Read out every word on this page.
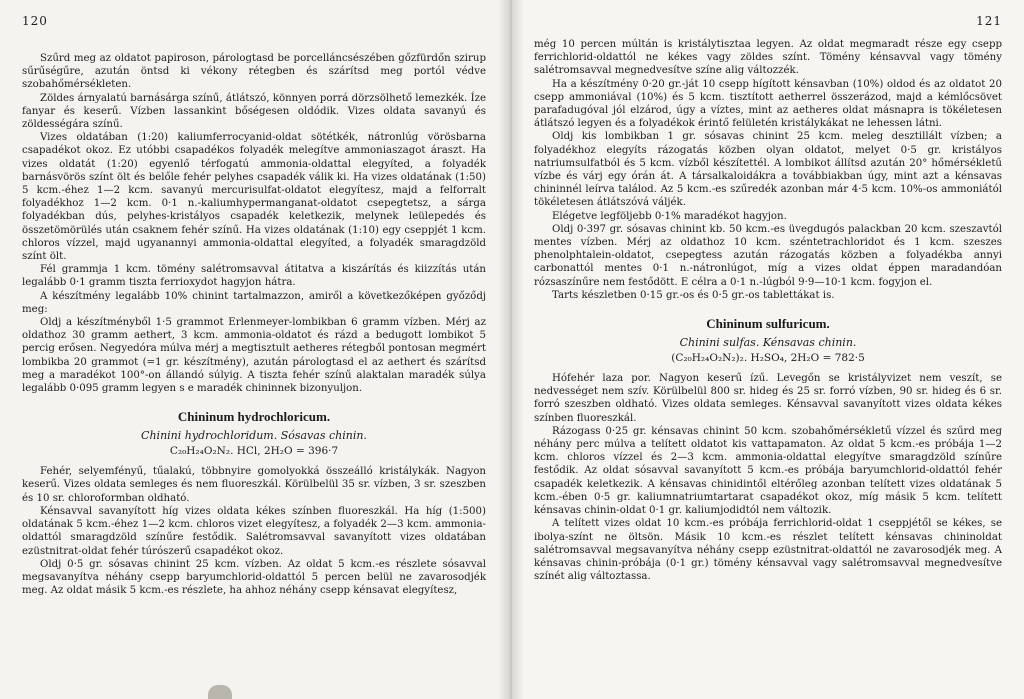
120

Szűrd meg az oldatot papiroson, párologtasd be porcelláncsészében gőzfürdőn szirup sűrűségűre, azután öntsd ki vékony rétegben és szárítsd meg portól védve szobahőmérsékleten.

Zöldes árnyalatú barnásárga színű, átlátszó, könnyen porrá dörzsölhető lemezkék. Íze fanyar és keserű. Vízben lassankint bőségesen oldódik. Vizes oldata savanyú és zöldességára színű.

Vizes oldatában (1:20) kaliumferrocyanid-oldat sötétkék, nátronlúg vörösbarna csapadékot okoz. Ez utóbbi csapadékos folyadék melegítve ammoniaszagot áraszt. Ha vizes oldatát (1:20) egyenlő térfogatú ammonia-oldattal elegyíted, a folyadék barnásvörös színt ölt és belőle fehér pelyhes csapadék válik ki. Ha vizes oldatának (1:50) 5 kcm.-éhez 1—2 kcm. savanyú mercurisulfat-oldatot elegyítesz, majd a felforralt folyadékhoz 1—2 kcm. 0·1 n.-kaliumhypermanganat-oldatot csepegtetsz, a sárga folyadékban dús, pelyhes-kristályos csapadék keletkezik, melynek leülepedés és összetömörülés után csaknem fehér színű. Ha vizes oldatának (1:10) egy cseppjét 1 kcm. chloros vízzel, majd ugyanannyi ammonia-oldattal elegyíted, a folyadék smaragdzöld színt ölt.

Fél grammja 1 kcm. tömény salétromsavval átitatva a kiszárítás és kiizzítás után legalább 0·1 gramm tiszta ferrioxydot hagyjon hátra.

A készítmény legalább 10% chinint tartalmazzon, amiről a következőképen győződj meg:

Oldj a készítményből 1·5 grammot Erlenmeyer-lombikban 6 gramm vízben. Mérj az oldathoz 30 gramm aethert, 3 kcm. ammonia-oldatot és rázd a bedugott lombikot 5 percig erősen. Negyedóra múlva mérj a megtisztult aetheres rétegből pontosan megmért lombikba 20 grammot (=1 gr. készítmény), azután párologtasd el az aethert és szárítsd meg a maradékot 100°-on állandó súlyig. A tiszta fehér színű alaktalan maradék súlya legalább 0·095 gramm legyen s e maradék chininnek bizonyuljon.

Chininum hydrochloricum.
Chinini hydrochloridum. Sósavas chinin.
C₂₀H₂₄O₂N₂. HCl, 2H₂O = 396·7

Fehér, selyemfényű, tűalakú, többnyire gomolyokká összeálló kristálykák. Nagyon keserű. Vizes oldata semleges és nem fluoreszkál. Körülbelül 35 sr. vízben, 3 sr. szeszben és 10 sr. chloroformban oldható.

Kénsavval savanyított híg vizes oldata kékes színben fluoreszkál. Ha híg (1:500) oldatának 5 kcm.-éhez 1—2 kcm. chloros vizet elegyítesz, a folyadék 2—3 kcm. ammonia-oldattól smaragdzöld színűre festődik. Salétromsavval savanyított vizes oldatában ezüstnitrat-oldat fehér túrószerű csapadékot okoz.

Oldj 0·5 gr. sósavas chinint 25 kcm. vízben. Az oldat 5 kcm.-es részlete sósavval megsavanyítva néhány csepp baryumchlorid-oldattól 5 percen belül ne zavarosodjék meg. Az oldat másik 5 kcm.-es részlete, ha ahhoz néhány csepp kénsavat elegyítesz,

121

még 10 percen múltán is kristálytisztaa legyen. Az oldat megmaradt része egy csepp ferrichlorid-oldattól ne kékes vagy zöldes színt. Tömény kénsavval vagy tömény salétromsavval megnedvesítve színe alig változzék.

Ha a készítmény 0·20 gr.-ját 10 csepp hígított kénsavban (10%) oldod és az oldatot 20 csepp ammoniával (10%) és 5 kcm. tisztított aetherrel összerázod, majd a kémlőcsövet parafadugóval jól elzárod, úgy a víztes, mint az aetheres oldat másnapra is tökéletesen átlátszó legyen és a folyadékok érintő felületén kristálykákat ne lehessen látni.

Oldj kis lombikban 1 gr. sósavas chinint 25 kcm. meleg desztillált vízben; a folyadékhoz elegyíts rázogatás közben olyan oldatot, melyet 0·5 gr. kristályos natriumsulfatból és 5 kcm. vízből készítettél. A lombikot állítsd azután 20° hőmérsékletű vízbe és várj egy órán át. A társalkaloidákra a továbbiakban úgy, mint azt a kénsavas chininnél leírva találod. Az 5 kcm.-es szűredék azonban már 4·5 kcm. 10%-os ammoniától tökéletesen átlátszóvá váljék.

Elégetve legföljebb 0·1% maradékot hagyjon.

Oldj 0·397 gr. sósavas chinint kb. 50 kcm.-es üvegdugós palackban 20 kcm. szeszavtól mentes vízben. Mérj az oldathoz 10 kcm. széntetrachloridot és 1 kcm. szeszes phenolphtalein-oldatot, csepegtess azután rázogatás közben a folyadékba annyi carbonattól mentes 0·1 n.-nátronlúgot, míg a vizes oldat éppen maradandóan rózsaszínűre nem festődött. E célra a 0·1 n.-lúgból 9·9—10·1 kcm. fogyjon el.

Tarts készletben 0·15 gr.-os és 0·5 gr.-os tablettákat is.

Chininum sulfuricum.
Chinini sulfas. Kénsavas chinin.
(C₂₀H₂₄O₂N₂)₂. H₂SO₄, 2H₂O = 782·5

Hófehér laza por. Nagyon keserű ízű. Levegőn se kristályvizet nem veszít, se nedvességet nem szív. Körülbelül 800 sr. hideg és 25 sr. forró vízben, 90 sr. hideg és 6 sr. forró szeszben oldható. Vizes oldata semleges. Kénsavval savanyított vizes oldata kékes színben fluoreszkál.

Rázogass 0·25 gr. kénsavas chinint 50 kcm. szobahőmérsékletű vízzel és szűrd meg néhány perc múlva a telített oldatot kis vattapamaton. Az oldat 5 kcm.-es próbája 1—2 kcm. chloros vízzel és 2—3 kcm. ammonia-oldattal elegyítve smaragdzöld színűre festődik. Az oldat sósavval savanyított 5 kcm.-es próbája baryumchlorid-oldattól fehér csapadék keletkezik. A kénsavas chinidintől eltérőleg azonban telített vizes oldatának 5 kcm.-ében 0·5 gr. kaliumnatriumtartarat csapadékot okoz, míg másik 5 kcm. telített kénsavas chinin-oldat 0·1 gr. kaliumjodidtól nem változik.

A telített vizes oldat 10 kcm.-es próbája ferrichlorid-oldat 1 cseppjétől se kékes, se ibolya-színt ne öltsön. Másik 10 kcm.-es részlet telített kénsavas chininoldat salétromsavval megsavanyítva néhány csepp ezüstnitrat-oldattól ne zavarosodjék meg. A kénsavas chinin-próbája (0·1 gr.) tömény kénsavval vagy salétromsavval megnedvesítve színét alig változtassa.
